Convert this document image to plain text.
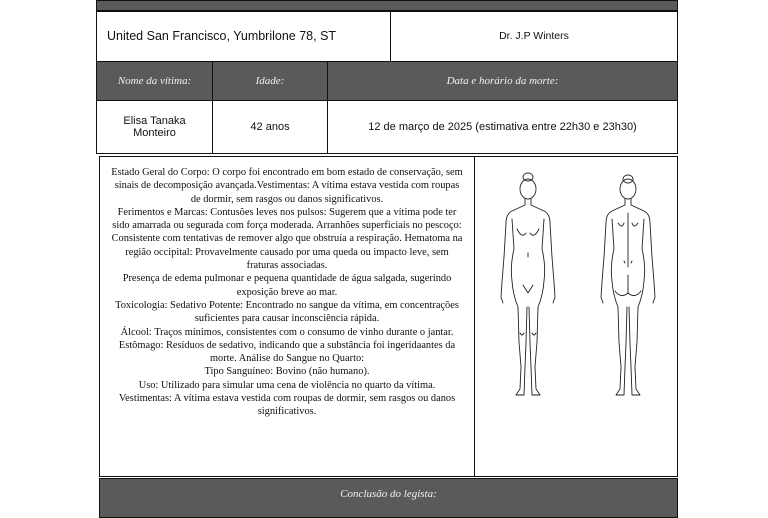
United San Francisco, Yumbrilone 78, ST	Dr. J.P Winters
Nome da vítima:	Idade:	Data e horário da morte:
Elisa Tanaka Monteiro	42 anos	12 de março de 2025 (estimativa entre 22h30 e 23h30)

Estado Geral do Corpo: O corpo foi encontrado em bom estado de conservação, sem sinais de decomposição avançada.Vestimentas: A vítima estava vestida com roupas de dormir, sem rasgos ou danos significativos.

Ferimentos e Marcas: Contusões leves nos pulsos: Sugerem que a vítima pode ter sido amarrada ou segurada com força moderada. Arranhões superficiais no pescoço: Consistente com tentativas de remover algo que obstruía a respiração. Hematoma na região occipital: Provavelmente causado por uma queda ou impacto leve, sem fraturas associadas.

Presença de edema pulmonar e pequena quantidade de água salgada, sugerindo exposição breve ao mar.

Toxicologia: Sedativo Potente: Encontrado no sangue da vítima, em concentrações suficientes para causar inconsciência rápida.

Álcool: Traços mínimos, consistentes com o consumo de vinho durante o jantar. Estômago: Resíduos de sedativo, indicando que a substância foi ingeridaantes da morte. Análise do Sangue no Quarto:

Tipo Sanguíneo: Bovino (não humano).

Uso: Utilizado para simular uma cena de violência no quarto da vítima.

Vestimentas: A vítima estava vestida com roupas de dormir, sem rasgos ou danos significativos.

Conclusão do legista:
